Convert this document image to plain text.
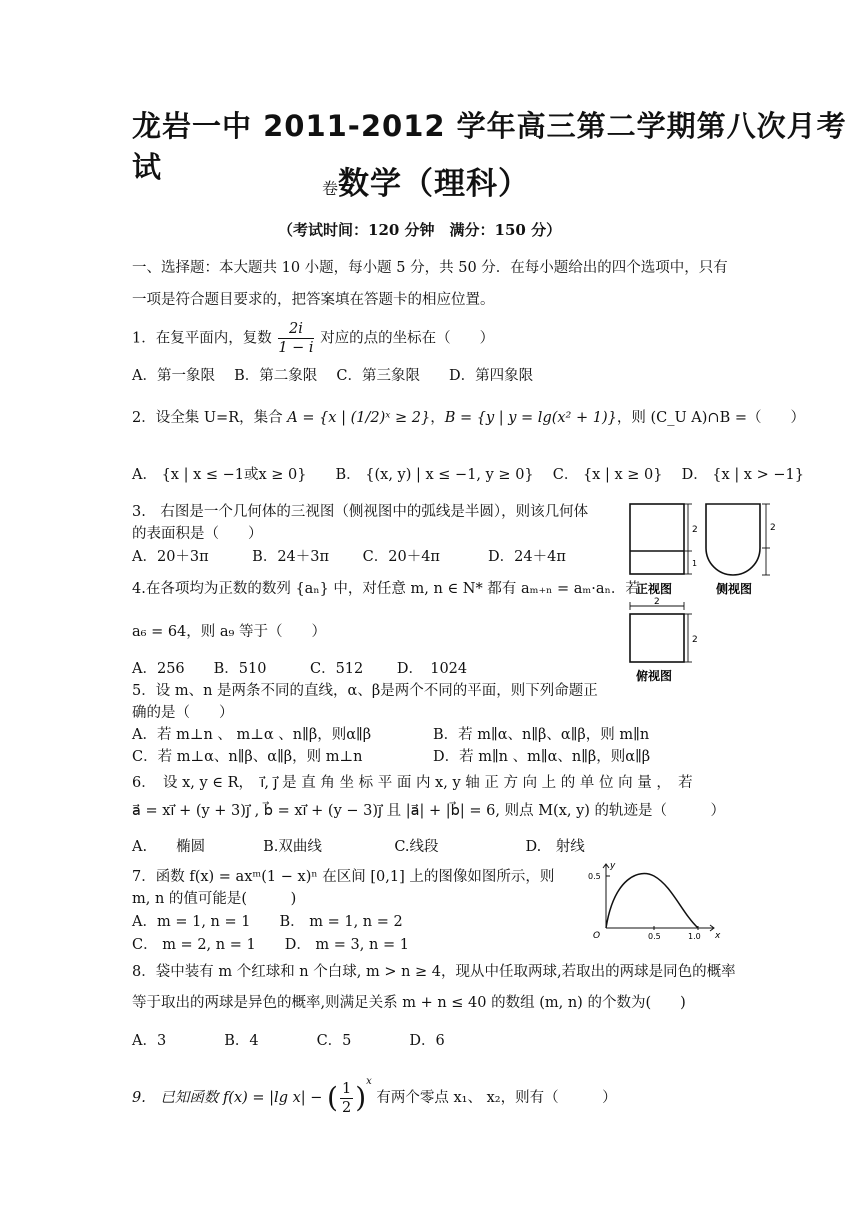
龙岩一中 2011-2012 学年高三第二学期第八次月考试
卷数学（理科）
（考试时间：120 分钟　满分：150 分）
一、选择题：本大题共 10 小题，每小题 5 分，共 50 分．在每小题给出的四个选项中，只有
一项是符合题目要求的，把答案填在答题卡的相应位置。
1．在复平面内，复数 $\frac{2i}{1 - i}$ 对应的点的坐标在（　　）
A．第一象限　 B．第二象限　 C．第三象限　　D．第四象限
2．设全集 U=R，集合 A = {x | (1/2)ˣ ≥ 2}，B = {y | y = lg(x² + 1)}，则 (C_U A)∩B =（　　）
A． {x | x ≤ −1或x ≥ 0}　　B． {(x, y) | x ≤ −1, y ≥ 0}　 C． {x | x ≥ 0}　 D． {x | x > −1}
3.　右图是一个几何体的三视图（侧视图中的弧线是半圆），则该几何体
的表面积是（　　）
A．20＋3π　　　B．24＋3π　　 C．20＋4π　　　 D．24＋4π
2
1
2
2
2
正视图	侧视图
俯视图
4.在各项均为正数的数列 {aₙ} 中，对任意 m, n ∈ N* 都有 aₘ₊ₙ = aₘ·aₙ．若
a₆ = 64，则 a₉ 等于（　　）
A．256　　B．510　　　C．512　　 D．　1024
5．设 m、n 是两条不同的直线，α、β是两个不同的平面，则下列命题正
确的是（　　）
A．若 m⊥n 、 m⊥α 、n∥β，则α∥β	B．若 m∥α、n∥β、α∥β，则 m∥n
C．若 m⊥α、n∥β、α∥β，则 m⊥n	D．若 m∥n 、m∥α、n∥β，则α∥β
6．　设 x, y ∈ R，　i⃗, j⃗ 是 直 角 坐 标 平 面 内 x, y 轴 正 方 向 上 的 单 位 向 量 ，　若
a⃗ = xi⃗ + (y + 3)j⃗ , b⃗ = xi⃗ + (y − 3)j⃗ 且 |a⃗| + |b⃗| = 6, 则点 M(x, y) 的轨迹是（　　　）
A.　　椭圆　　　　B.双曲线　　　　　C.线段　　　　　　D.　射线
7．函数 f(x) = axᵐ(1 − x)ⁿ 在区间 [0,1] 上的图像如图所示，则
m, n 的值可能是(　　　)
A．m = 1, n = 1　　B． m = 1, n = 2
C． m = 2, n = 1　　D． m = 3, n = 1
y
x
O
0.5
0.5	1.0
8．袋中装有 m 个红球和 n 个白球, m > n ≥ 4，现从中任取两球,若取出的两球是同色的概率
等于取出的两球是异色的概率,则满足关系 m + n ≤ 40 的数组 (m, n) 的个数为(　　)
A．3　　　　B．4　　　　C．5　　　　D．6
9.　已知函数 f(x) = |lg x| − ( $\frac{1}{2} )^x$ 有两个零点 x₁、 x₂，则有（　　　）
